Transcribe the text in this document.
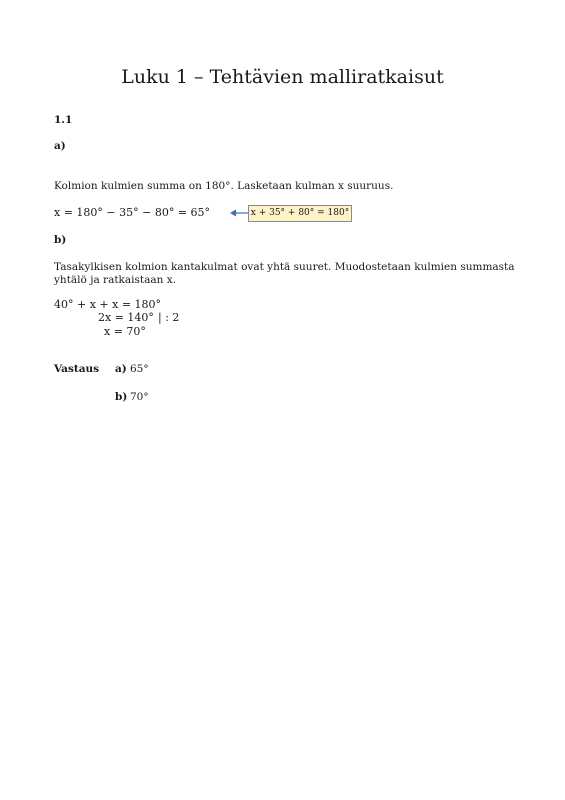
Luku 1 – Tehtävien malliratkaisut
1.1
a)
Kolmion kulmien summa on 180°. Lasketaan kulman x suuruus.
x = 180° − 35° − 80° = 65°	x + 35° + 80° = 180°
b)
Tasakylkisen kolmion kantakulmat ovat yhtä suuret. Muodostetaan kulmien summasta
yhtälö ja ratkaistaan x.
40° + x + x = 180°
2x = 140° | : 2
x = 70°
Vastaus a) 65°
b) 70°
